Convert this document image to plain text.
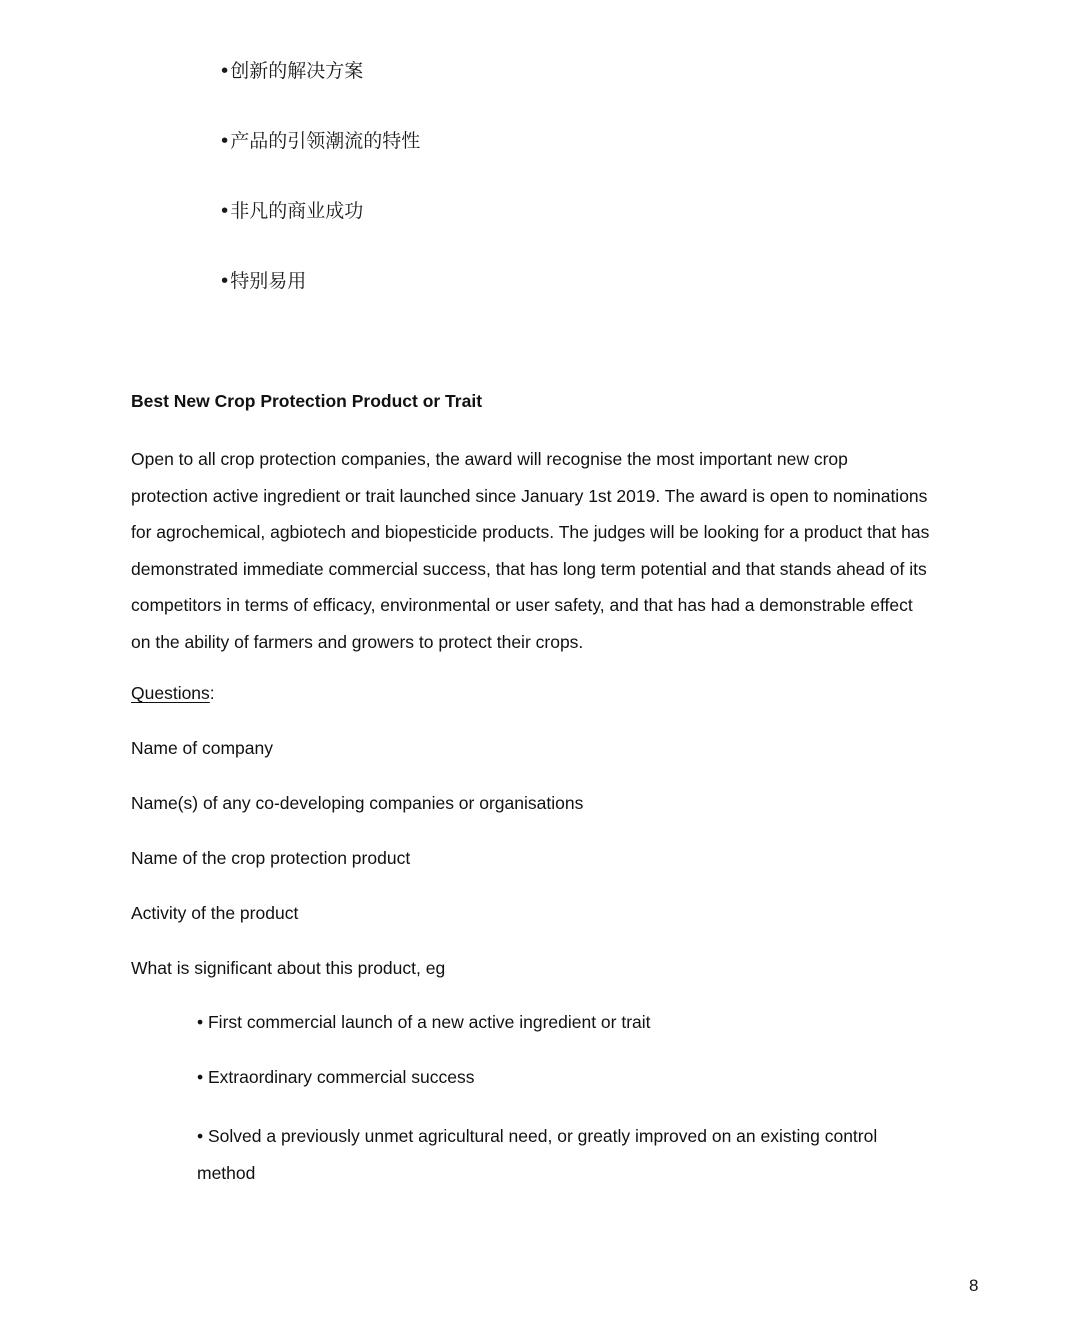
•创新的解决方案
•产品的引领潮流的特性
•非凡的商业成功
•特别易用
Best New Crop Protection Product or Trait

Open to all crop protection companies, the award will recognise the most important new crop
protection active ingredient or trait launched since January 1st 2019. The award is open to nominations
for agrochemical, agbiotech and biopesticide products. The judges will be looking for a product that has
demonstrated immediate commercial success, that has long term potential and that stands ahead of its
competitors in terms of efficacy, environmental or user safety, and that has had a demonstrable effect
on the ability of farmers and growers to protect their crops.

Questions:
Name of company
Name(s) of any co-developing companies or organisations
Name of the crop protection product
Activity of the product
What is significant about this product, eg
• First commercial launch of a new active ingredient or trait
• Extraordinary commercial success
• Solved a previously unmet agricultural need, or greatly improved on an existing control
method
8
